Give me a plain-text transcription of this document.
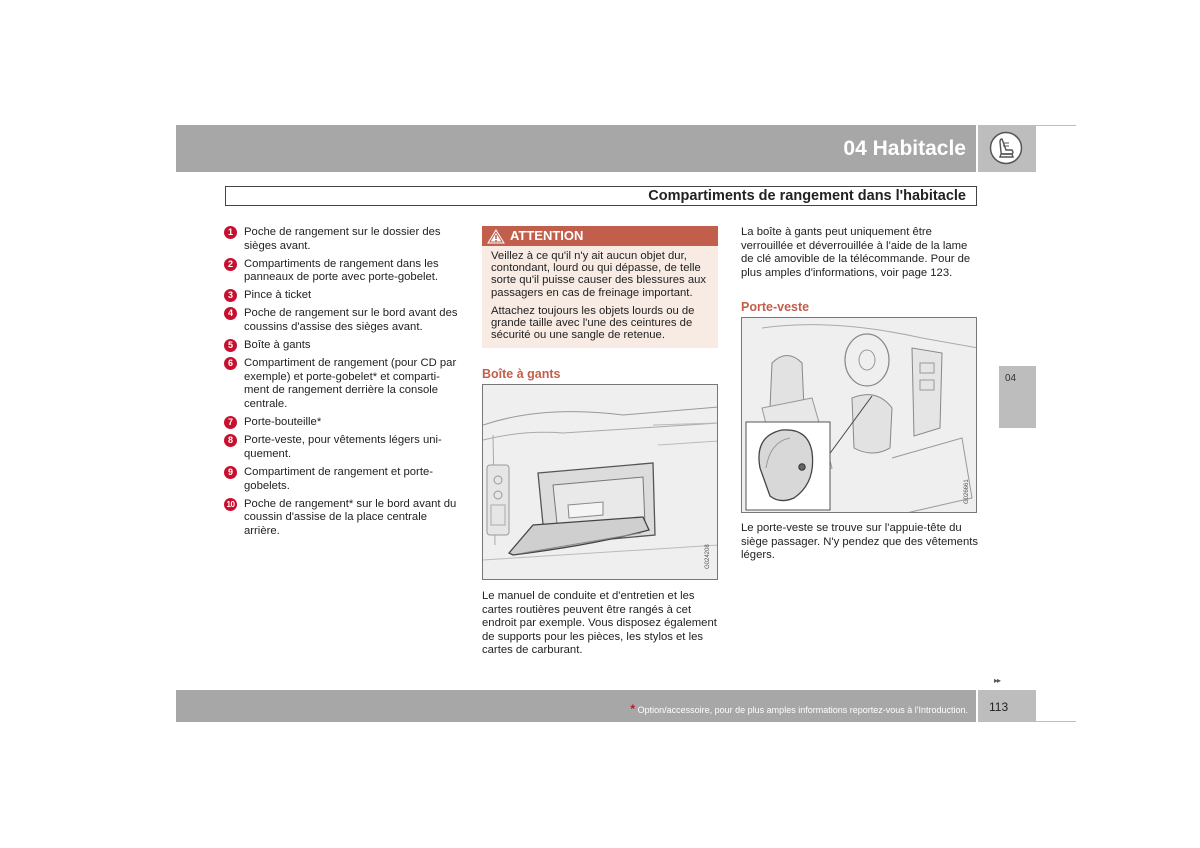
04 Habitacle
Compartiments de rangement dans l'habitacle
1 Poche de rangement sur le dossier des sièges avant.
2 Compartiments de rangement dans les panneaux de porte avec porte-gobelet.
3 Pince à ticket
4 Poche de rangement sur le bord avant des coussins d'assise des sièges avant.
5 Boîte à gants
6 Compartiment de rangement (pour CD par exemple) et porte-gobelet* et comparti-ment de rangement derrière la console centrale.
7 Porte-bouteille*
8 Porte-veste, pour vêtements légers uni-quement.
9 Compartiment de rangement et porte-gobelets.
10 Poche de rangement* sur le bord avant du coussin d'assise de la place centrale arrière.
ATTENTION

Veillez à ce qu'il n'y ait aucun objet dur, contondant, lourd ou qui dépasse, de telle sorte qu'il puisse causer des blessures aux passagers en cas de freinage important.

Attachez toujours les objets lourds ou de grande taille avec l'une des ceintures de sécurité ou une sangle de retenue.

Boîte à gants
G024208
Le manuel de conduite et d'entretien et les cartes routières peuvent être rangés à cet endroit par exemple. Vous disposez également de supports pour les pièces, les stylos et les cartes de carburant.
La boîte à gants peut uniquement être verrouillée et déverrouillée à l'aide de la lame de clé amovible de la télécommande. Pour de plus amples d'informations, voir page 123.
Porte-veste
G026661
Le porte-veste se trouve sur l'appuie-tête du siège passager. N'y pendez que des vêtements légers.
04
▸▸
* Option/accessoire, pour de plus amples informations reportez-vous à l'Introduction. 113
